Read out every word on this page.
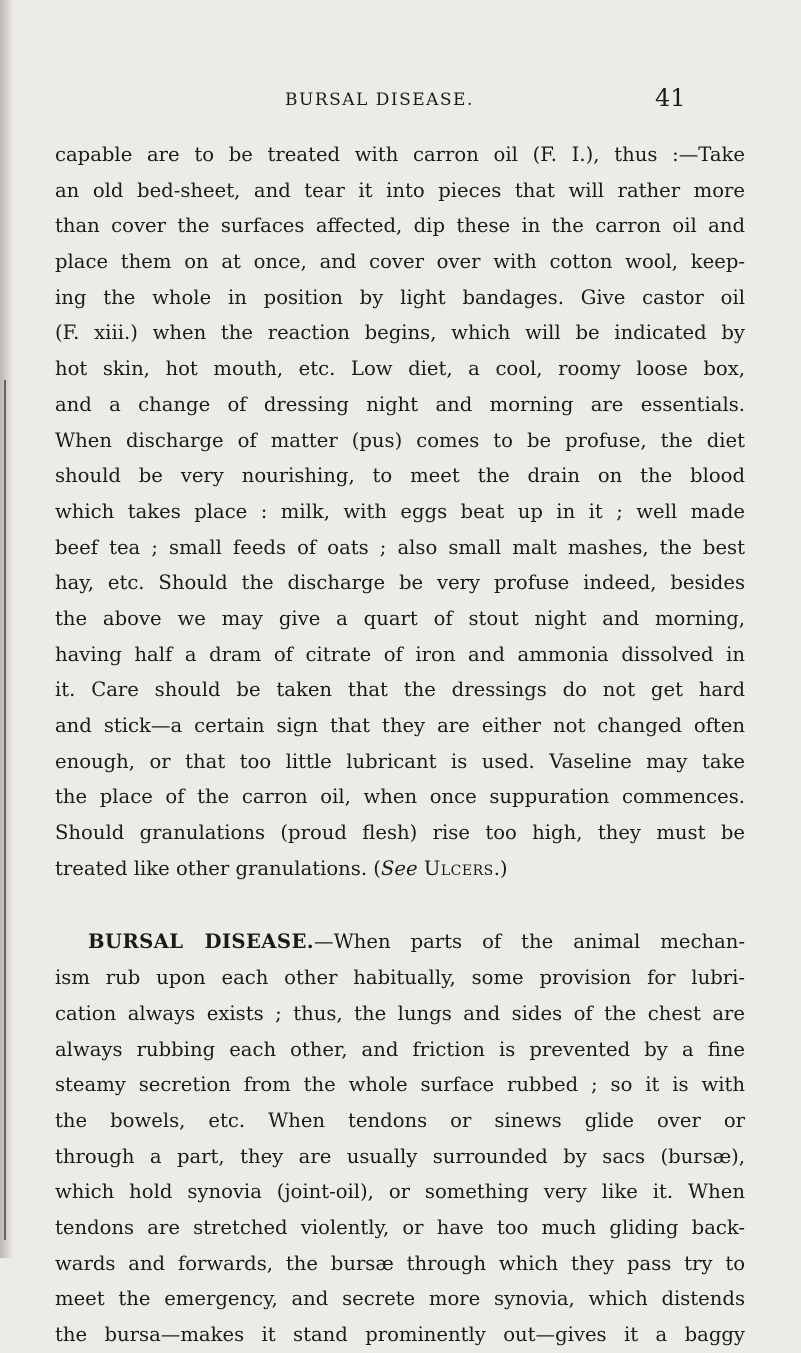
BURSAL DISEASE.	41
capable are to be treated with carron oil (F. I.), thus :—Take
an old bed-sheet, and tear it into pieces that will rather more
than cover the surfaces affected, dip these in the carron oil and
place them on at once, and cover over with cotton wool, keep-
ing the whole in position by light bandages. Give castor oil
(F. xiii.) when the reaction begins, which will be indicated by
hot skin, hot mouth, etc. Low diet, a cool, roomy loose box,
and a change of dressing night and morning are essentials.
When discharge of matter (pus) comes to be profuse, the diet
should be very nourishing, to meet the drain on the blood
which takes place : milk, with eggs beat up in it ; well made
beef tea ; small feeds of oats ; also small malt mashes, the best
hay, etc. Should the discharge be very profuse indeed, besides
the above we may give a quart of stout night and morning,
having half a dram of citrate of iron and ammonia dissolved in
it. Care should be taken that the dressings do not get hard
and stick—a certain sign that they are either not changed often
enough, or that too little lubricant is used. Vaseline may take
the place of the carron oil, when once suppuration commences.
Should granulations (proud flesh) rise too high, they must be
treated like other granulations. (See Ulcers.)
BURSAL DISEASE.—When parts of the animal mechan-
ism rub upon each other habitually, some provision for lubri-
cation always exists ; thus, the lungs and sides of the chest are
always rubbing each other, and friction is prevented by a fine
steamy secretion from the whole surface rubbed ; so it is with
the bowels, etc. When tendons or sinews glide over or
through a part, they are usually surrounded by sacs (bursæ),
which hold synovia (joint-oil), or something very like it. When
tendons are stretched violently, or have too much gliding back-
wards and forwards, the bursæ through which they pass try to
meet the emergency, and secrete more synovia, which distends
the bursa—makes it stand prominently out—gives it a baggy
